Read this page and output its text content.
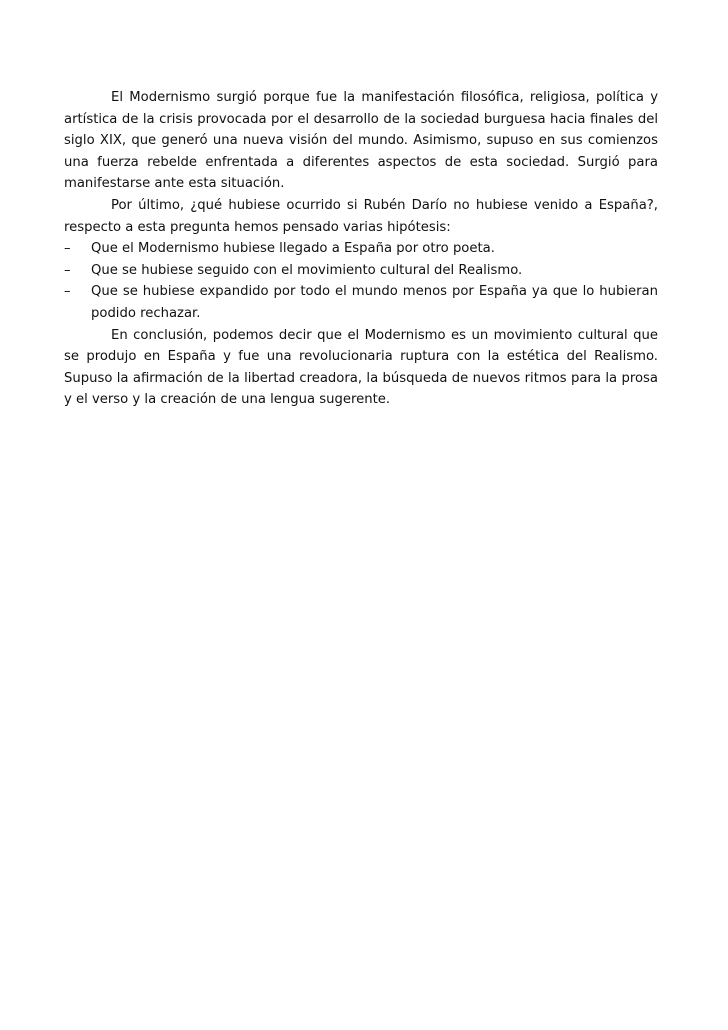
El Modernismo surgió porque fue la manifestación filosófica, religiosa, política y artística de la crisis provocada por el desarrollo de la sociedad burguesa hacia finales del siglo XIX, que generó una nueva visión del mundo. Asimismo, supuso en sus comienzos una fuerza rebelde enfrentada a diferentes aspectos de esta sociedad. Surgió para manifestarse ante esta situación.

Por último, ¿qué hubiese ocurrido si Rubén Darío no hubiese venido a España?, respecto a esta pregunta hemos pensado varias hipótesis:

– Que el Modernismo hubiese llegado a España por otro poeta.
– Que se hubiese seguido con el movimiento cultural del Realismo.
– Que se hubiese expandido por todo el mundo menos por España ya que lo hubieran podido rechazar.

En conclusión, podemos decir que el Modernismo es un movimiento cultural que se produjo en España y fue una revolucionaria ruptura con la estética del Realismo. Supuso la afirmación de la libertad creadora, la búsqueda de nuevos ritmos para la prosa y el verso y la creación de una lengua sugerente.
